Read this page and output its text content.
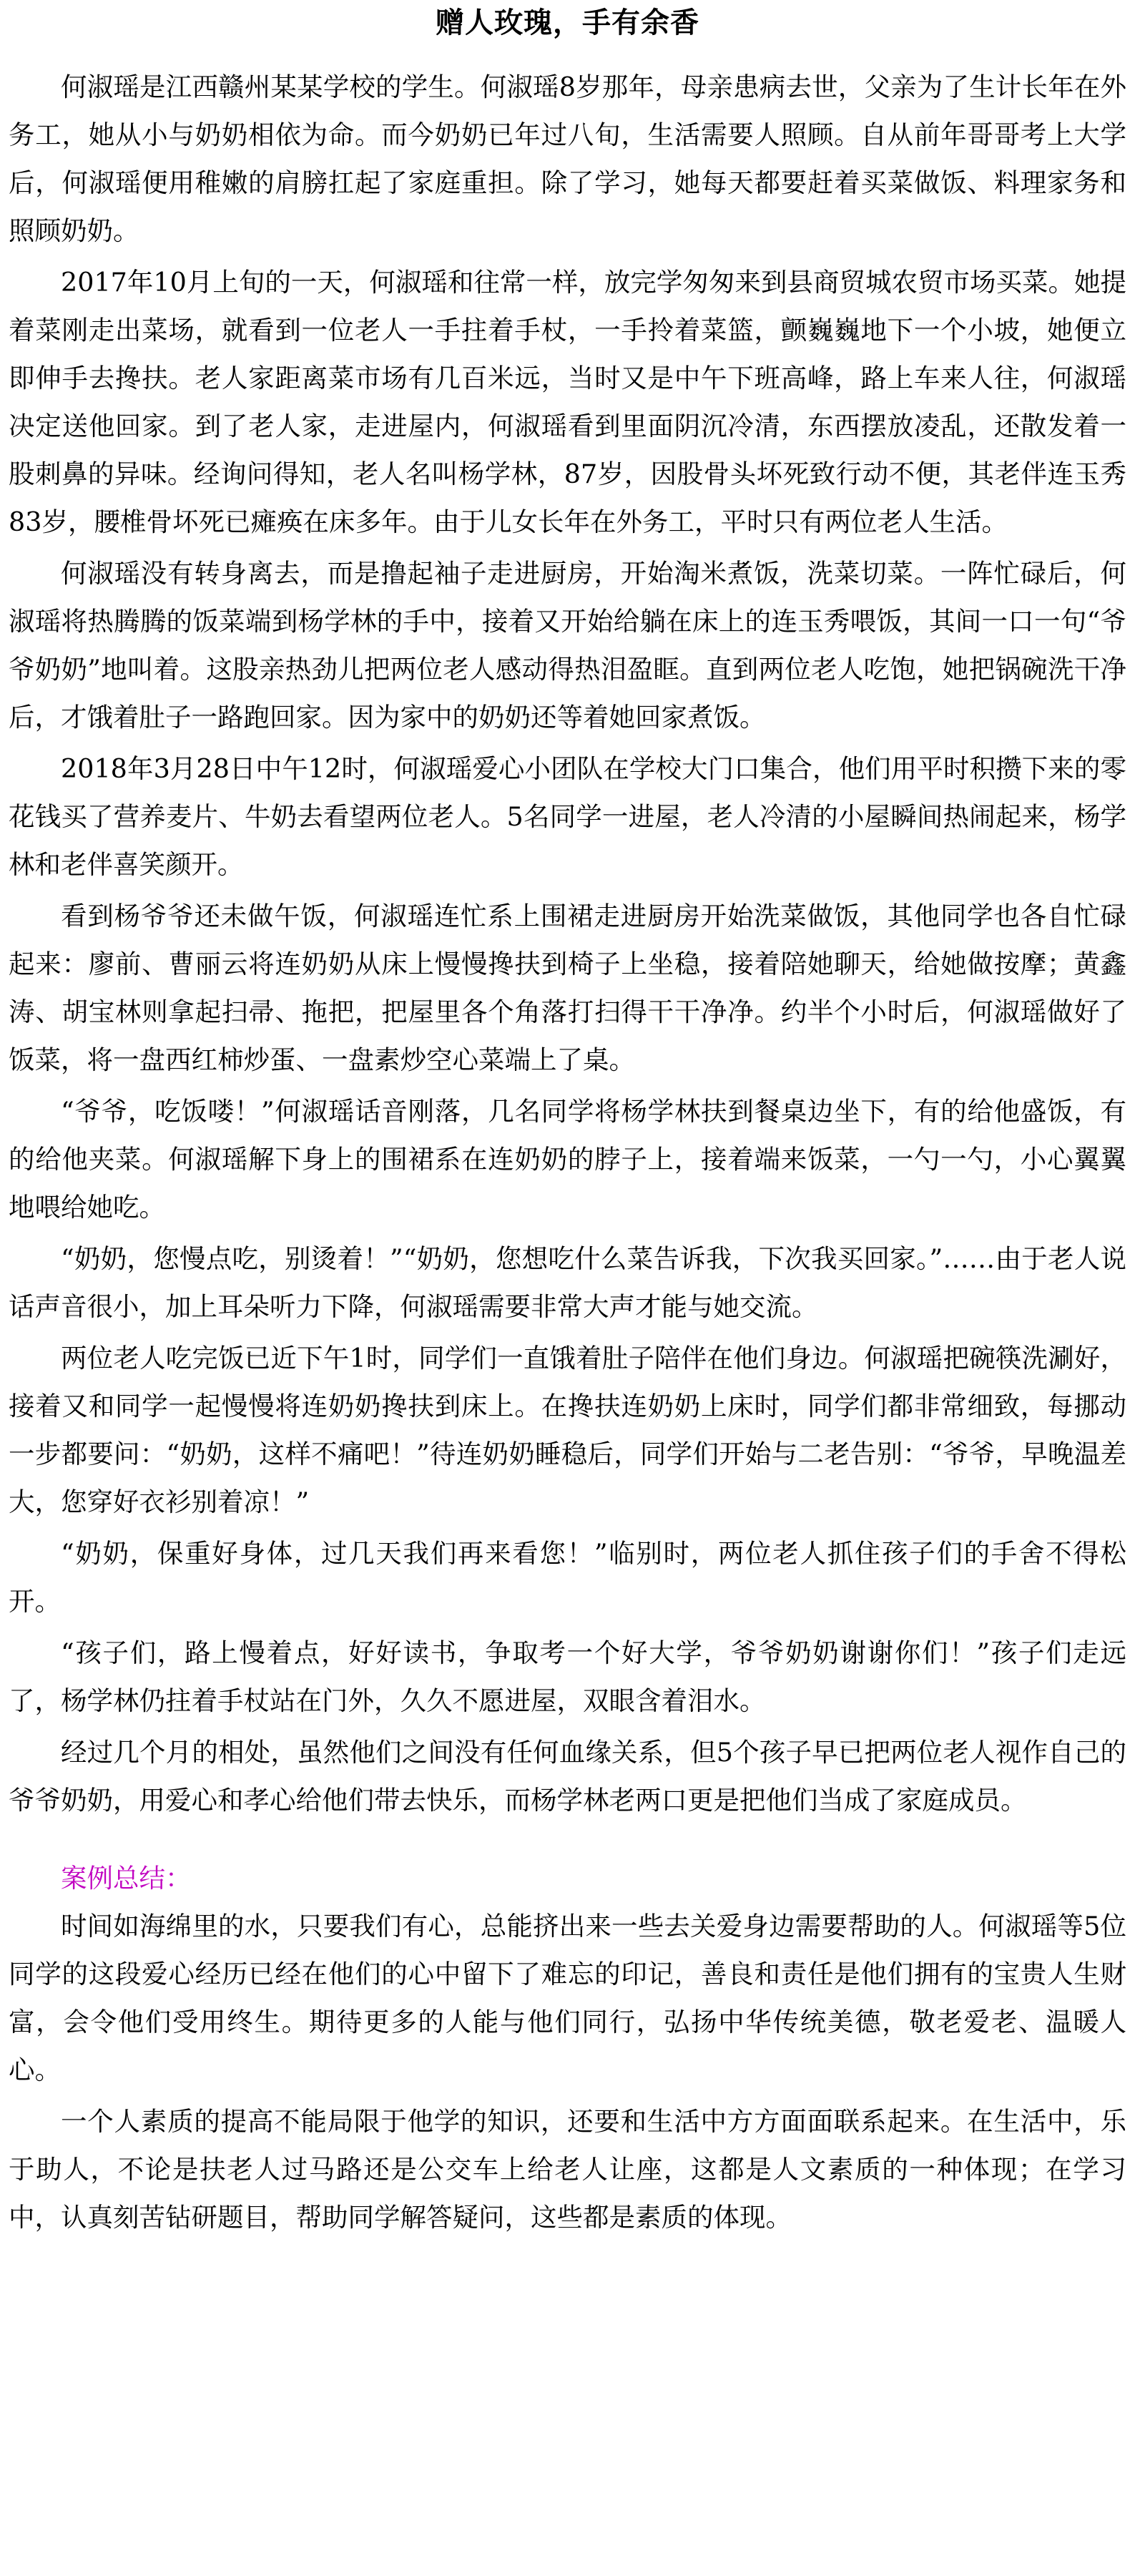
赠人玫瑰，手有余香

何淑瑶是江西赣州某某学校的学生。何淑瑶8岁那年，母亲患病去世，父亲为了生计长年在外务工，她从小与奶奶相依为命。而今奶奶已年过八旬，生活需要人照顾。自从前年哥哥考上大学后，何淑瑶便用稚嫩的肩膀扛起了家庭重担。除了学习，她每天都要赶着买菜做饭、料理家务和照顾奶奶。

2017年10月上旬的一天，何淑瑶和往常一样，放完学匆匆来到县商贸城农贸市场买菜。她提着菜刚走出菜场，就看到一位老人一手拄着手杖，一手拎着菜篮，颤巍巍地下一个小坡，她便立即伸手去搀扶。老人家距离菜市场有几百米远，当时又是中午下班高峰，路上车来人往，何淑瑶决定送他回家。到了老人家，走进屋内，何淑瑶看到里面阴沉冷清，东西摆放凌乱，还散发着一股刺鼻的异味。经询问得知，老人名叫杨学林，87岁，因股骨头坏死致行动不便，其老伴连玉秀83岁，腰椎骨坏死已瘫痪在床多年。由于儿女长年在外务工，平时只有两位老人生活。

何淑瑶没有转身离去，而是撸起袖子走进厨房，开始淘米煮饭，洗菜切菜。一阵忙碌后，何淑瑶将热腾腾的饭菜端到杨学林的手中，接着又开始给躺在床上的连玉秀喂饭，其间一口一句“爷爷奶奶”地叫着。这股亲热劲儿把两位老人感动得热泪盈眶。直到两位老人吃饱，她把锅碗洗干净后，才饿着肚子一路跑回家。因为家中的奶奶还等着她回家煮饭。

2018年3月28日中午12时，何淑瑶爱心小团队在学校大门口集合，他们用平时积攒下来的零花钱买了营养麦片、牛奶去看望两位老人。5名同学一进屋，老人冷清的小屋瞬间热闹起来，杨学林和老伴喜笑颜开。

看到杨爷爷还未做午饭，何淑瑶连忙系上围裙走进厨房开始洗菜做饭，其他同学也各自忙碌起来：廖前、曹丽云将连奶奶从床上慢慢搀扶到椅子上坐稳，接着陪她聊天，给她做按摩；黄鑫涛、胡宝林则拿起扫帚、拖把，把屋里各个角落打扫得干干净净。约半个小时后，何淑瑶做好了饭菜，将一盘西红柿炒蛋、一盘素炒空心菜端上了桌。

“爷爷，吃饭喽！”何淑瑶话音刚落，几名同学将杨学林扶到餐桌边坐下，有的给他盛饭，有的给他夹菜。何淑瑶解下身上的围裙系在连奶奶的脖子上，接着端来饭菜，一勺一勺，小心翼翼地喂给她吃。

“奶奶，您慢点吃，别烫着！”“奶奶，您想吃什么菜告诉我，下次我买回家。”……由于老人说话声音很小，加上耳朵听力下降，何淑瑶需要非常大声才能与她交流。

两位老人吃完饭已近下午1时，同学们一直饿着肚子陪伴在他们身边。何淑瑶把碗筷洗涮好，接着又和同学一起慢慢将连奶奶搀扶到床上。在搀扶连奶奶上床时，同学们都非常细致，每挪动一步都要问：“奶奶，这样不痛吧！”待连奶奶睡稳后，同学们开始与二老告别：“爷爷，早晚温差大，您穿好衣衫别着凉！”

“奶奶，保重好身体，过几天我们再来看您！”临别时，两位老人抓住孩子们的手舍不得松开。

“孩子们，路上慢着点，好好读书，争取考一个好大学，爷爷奶奶谢谢你们！”孩子们走远了，杨学林仍拄着手杖站在门外，久久不愿进屋，双眼含着泪水。

经过几个月的相处，虽然他们之间没有任何血缘关系，但5个孩子早已把两位老人视作自己的爷爷奶奶，用爱心和孝心给他们带去快乐，而杨学林老两口更是把他们当成了家庭成员。

案例总结：

时间如海绵里的水，只要我们有心，总能挤出来一些去关爱身边需要帮助的人。何淑瑶等5位同学的这段爱心经历已经在他们的心中留下了难忘的印记，善良和责任是他们拥有的宝贵人生财富，会令他们受用终生。期待更多的人能与他们同行，弘扬中华传统美德，敬老爱老、温暖人心。

一个人素质的提高不能局限于他学的知识，还要和生活中方方面面联系起来。在生活中，乐于助人，不论是扶老人过马路还是公交车上给老人让座，这都是人文素质的一种体现；在学习中，认真刻苦钻研题目，帮助同学解答疑问，这些都是素质的体现。
